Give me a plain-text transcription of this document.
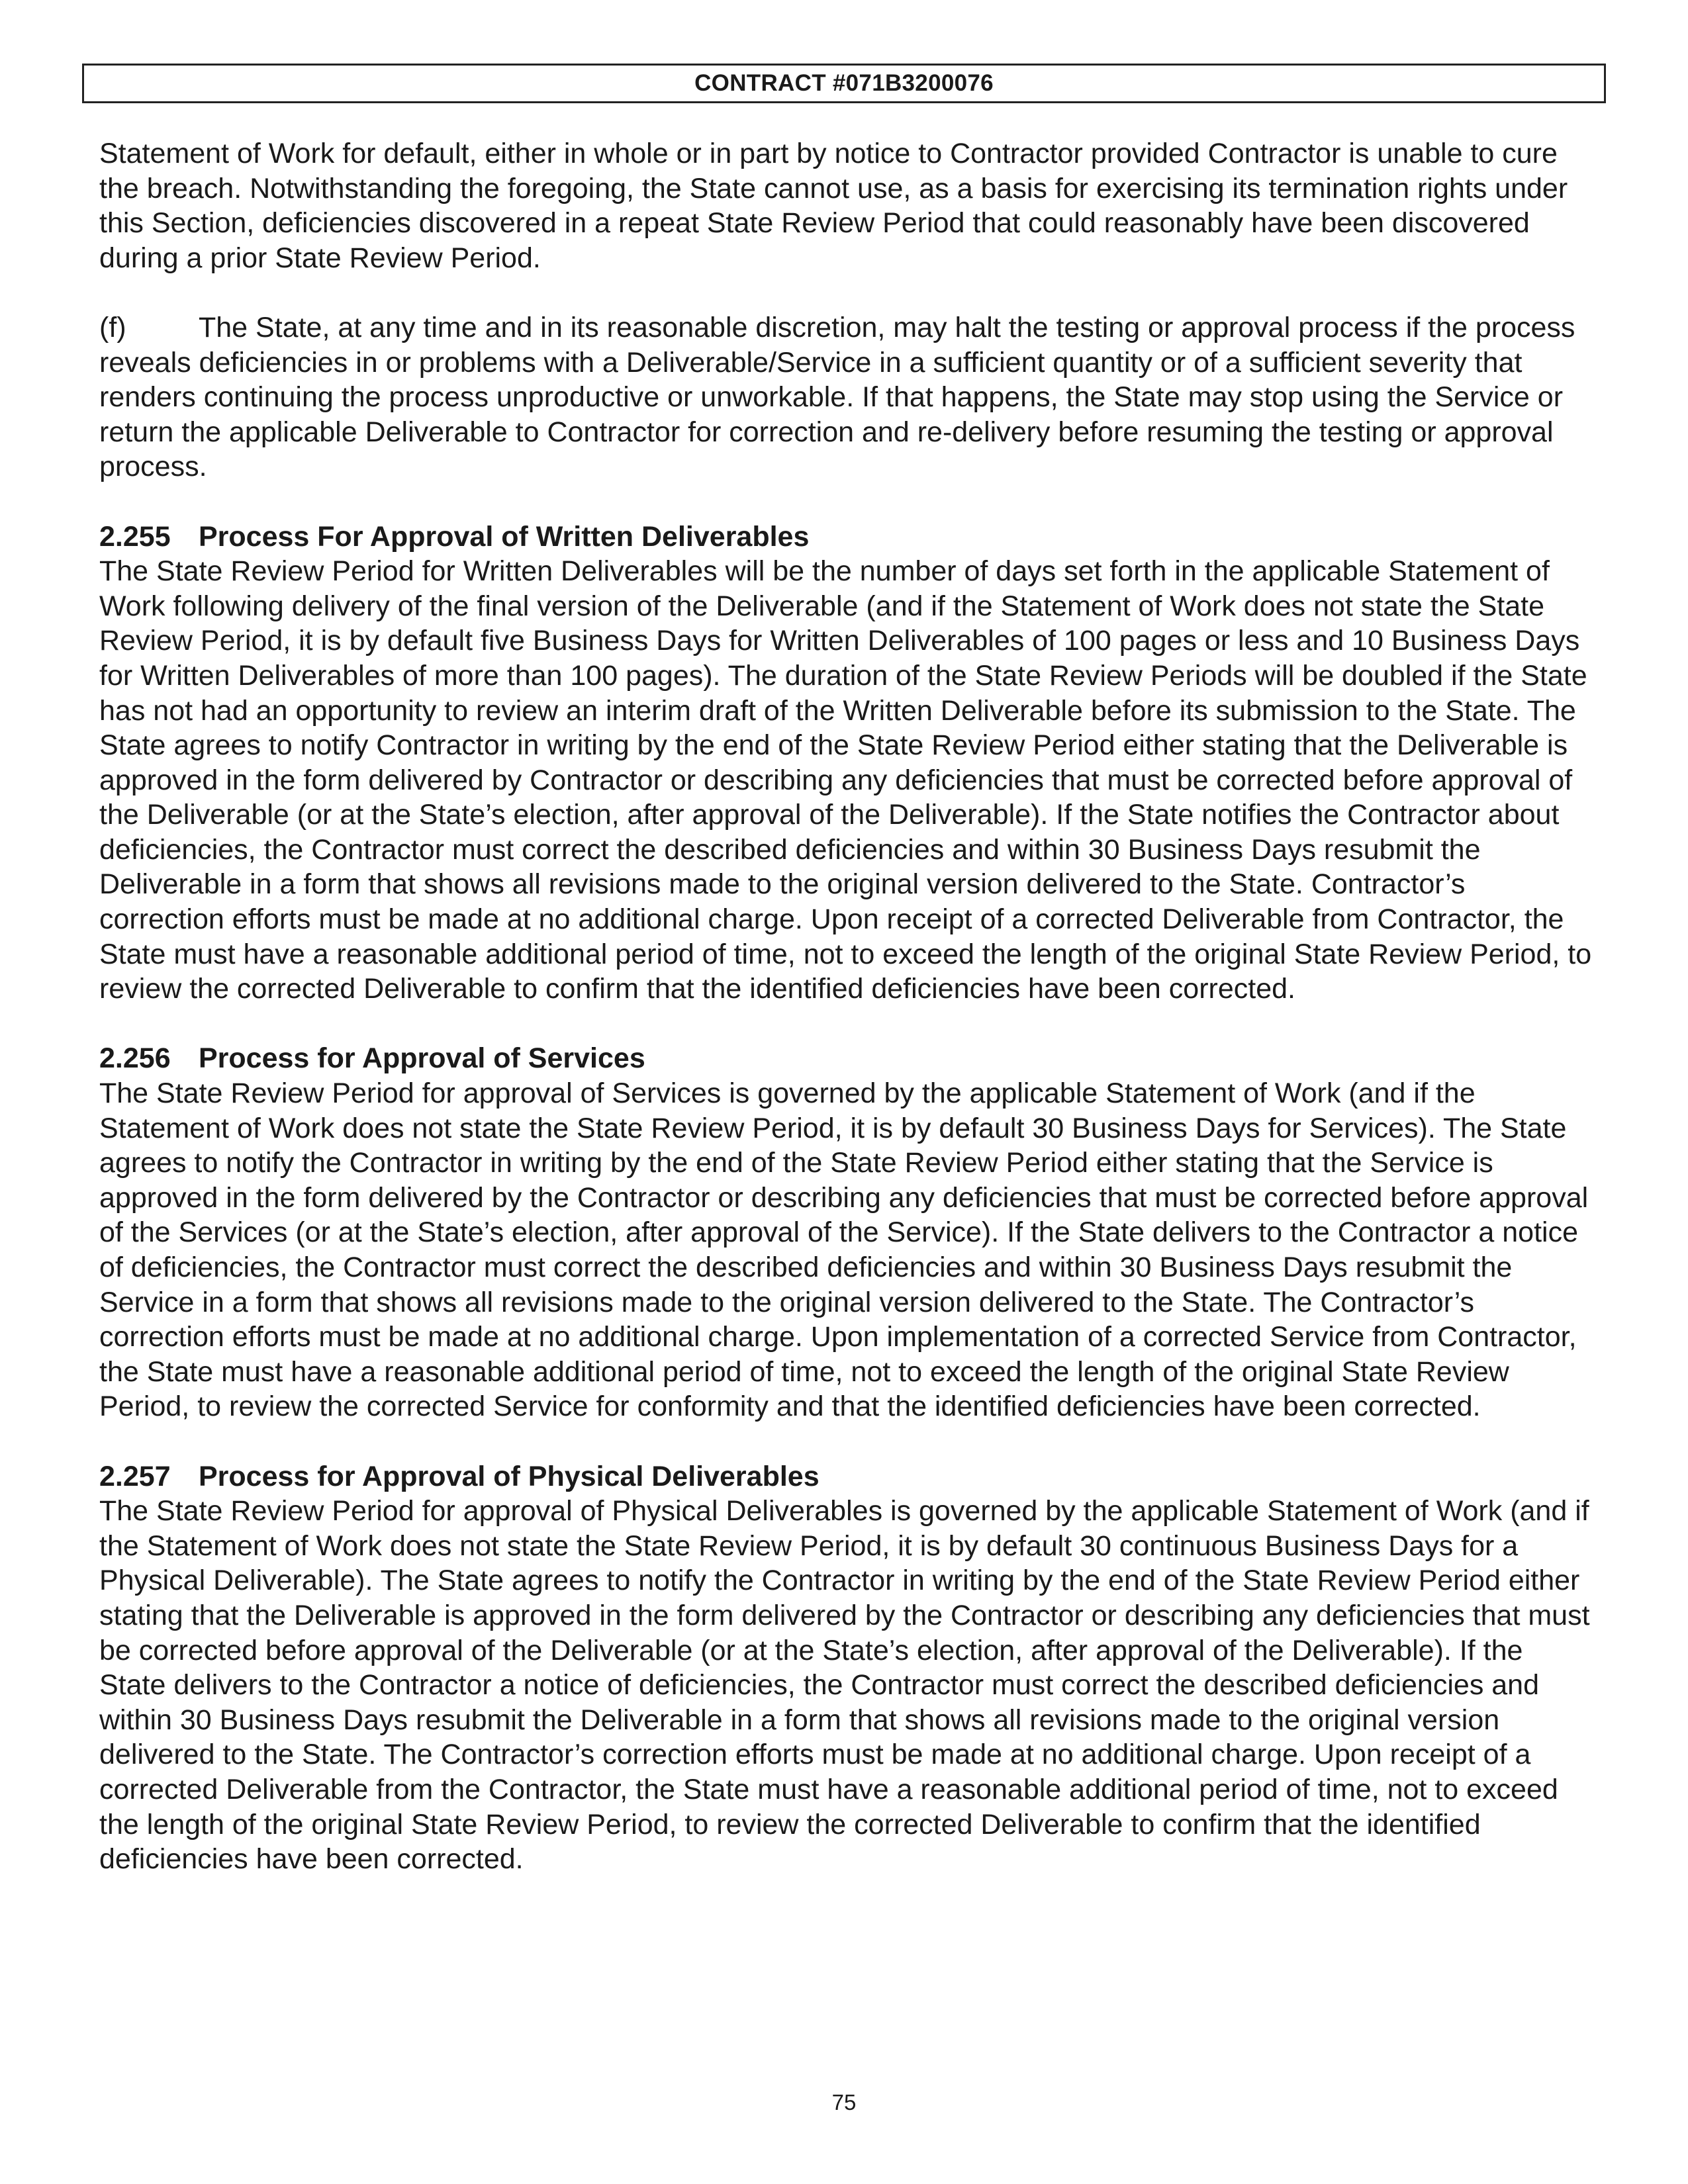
CONTRACT #071B3200076

Statement of Work for default, either in whole or in part by notice to Contractor provided Contractor is unable to cure the breach. Notwithstanding the foregoing, the State cannot use, as a basis for exercising its termination rights under this Section, deficiencies discovered in a repeat State Review Period that could reasonably have been discovered during a prior State Review Period.

(f)	The State, at any time and in its reasonable discretion, may halt the testing or approval process if the process reveals deficiencies in or problems with a Deliverable/Service in a sufficient quantity or of a sufficient severity that renders continuing the process unproductive or unworkable. If that happens, the State may stop using the Service or return the applicable Deliverable to Contractor for correction and re-delivery before resuming the testing or approval process.

2.255 Process For Approval of Written Deliverables

The State Review Period for Written Deliverables will be the number of days set forth in the applicable Statement of Work following delivery of the final version of the Deliverable (and if the Statement of Work does not state the State Review Period, it is by default five Business Days for Written Deliverables of 100 pages or less and 10 Business Days for Written Deliverables of more than 100 pages). The duration of the State Review Periods will be doubled if the State has not had an opportunity to review an interim draft of the Written Deliverable before its submission to the State. The State agrees to notify Contractor in writing by the end of the State Review Period either stating that the Deliverable is approved in the form delivered by Contractor or describing any deficiencies that must be corrected before approval of the Deliverable (or at the State’s election, after approval of the Deliverable). If the State notifies the Contractor about deficiencies, the Contractor must correct the described deficiencies and within 30 Business Days resubmit the Deliverable in a form that shows all revisions made to the original version delivered to the State. Contractor’s correction efforts must be made at no additional charge. Upon receipt of a corrected Deliverable from Contractor, the State must have a reasonable additional period of time, not to exceed the length of the original State Review Period, to review the corrected Deliverable to confirm that the identified deficiencies have been corrected.

2.256 Process for Approval of Services

The State Review Period for approval of Services is governed by the applicable Statement of Work (and if the Statement of Work does not state the State Review Period, it is by default 30 Business Days for Services). The State agrees to notify the Contractor in writing by the end of the State Review Period either stating that the Service is approved in the form delivered by the Contractor or describing any deficiencies that must be corrected before approval of the Services (or at the State’s election, after approval of the Service). If the State delivers to the Contractor a notice of deficiencies, the Contractor must correct the described deficiencies and within 30 Business Days resubmit the Service in a form that shows all revisions made to the original version delivered to the State. The Contractor’s correction efforts must be made at no additional charge. Upon implementation of a corrected Service from Contractor, the State must have a reasonable additional period of time, not to exceed the length of the original State Review Period, to review the corrected Service for conformity and that the identified deficiencies have been corrected.

2.257 Process for Approval of Physical Deliverables

The State Review Period for approval of Physical Deliverables is governed by the applicable Statement of Work (and if the Statement of Work does not state the State Review Period, it is by default 30 continuous Business Days for a Physical Deliverable). The State agrees to notify the Contractor in writing by the end of the State Review Period either stating that the Deliverable is approved in the form delivered by the Contractor or describing any deficiencies that must be corrected before approval of the Deliverable (or at the State’s election, after approval of the Deliverable). If the State delivers to the Contractor a notice of deficiencies, the Contractor must correct the described deficiencies and within 30 Business Days resubmit the Deliverable in a form that shows all revisions made to the original version delivered to the State. The Contractor’s correction efforts must be made at no additional charge. Upon receipt of a corrected Deliverable from the Contractor, the State must have a reasonable additional period of time, not to exceed the length of the original State Review Period, to review the corrected Deliverable to confirm that the identified deficiencies have been corrected.

75
